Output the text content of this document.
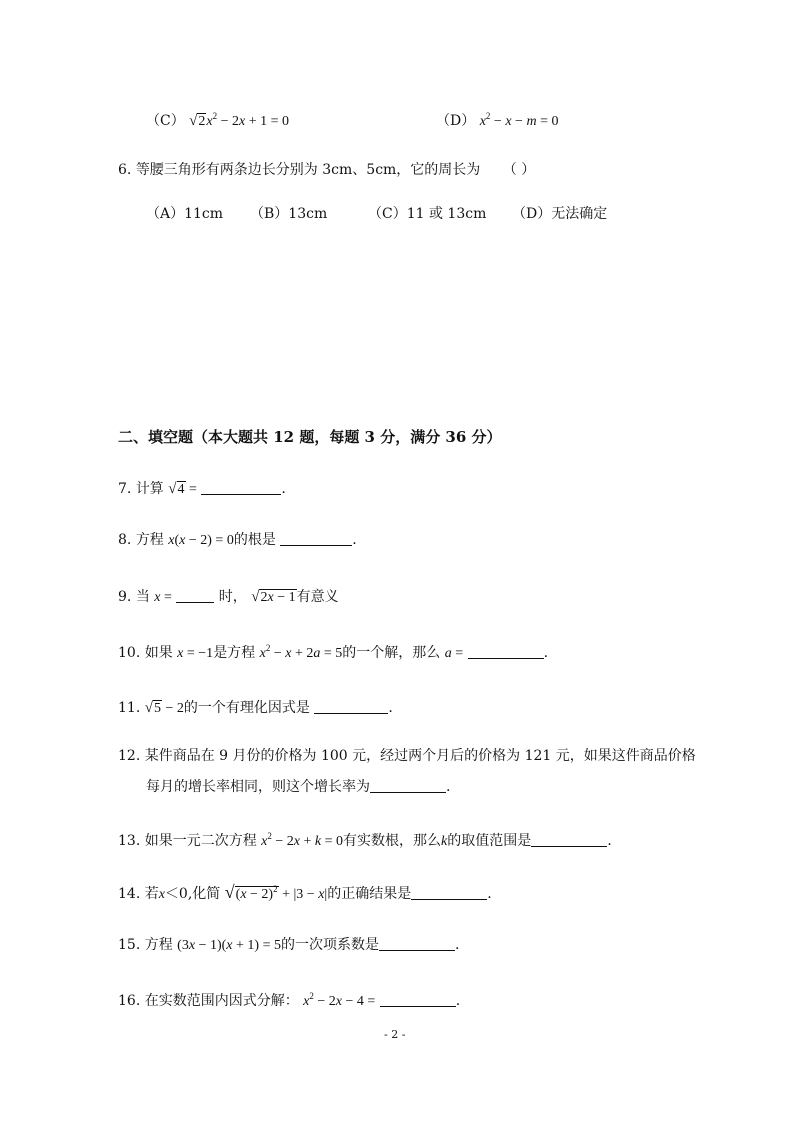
（C） $√2x^2 - 2x + 1 = 0$	（D） $x^2 - x - m = 0$
6. 等腰三角形有两条边长分别为 3cm、5cm，它的周长为 （ ）
（A）11cm （B）13cm	（C）11 或 13cm （D）无法确定
二、填空题（本大题共 12 题，每题 3 分，满分 36 分）
7. 计算 √4 =	.
8. 方程 x(x − 2) = 0的根是	.
9. 当 x =	时， √2x − 1有意义
10. 如果 x = −1是方程 $x^2 - x + 2a = 5$的一个解，那么 a =	.
11. √5 − 2的一个有理化因式是	.
12. 某件商品在 9 月份的价格为 100 元，经过两个月后的价格为 121 元，如果这件商品价格
每月的增长率相同，则这个增长率为	.
13. 如果一元二次方程 $x^2 - 2x + k = 0$有实数根，那么k的取值范围是	.
14. 若x＜0,化简 $√(x - 2)^2 + |3 - x|$的正确结果是	.
15. 方程 (3x − 1)(x + 1) = 5的一次项系数是	.
16. 在实数范围内因式分解： $x^2 - 2x - 4$ =	.
- 2 -
